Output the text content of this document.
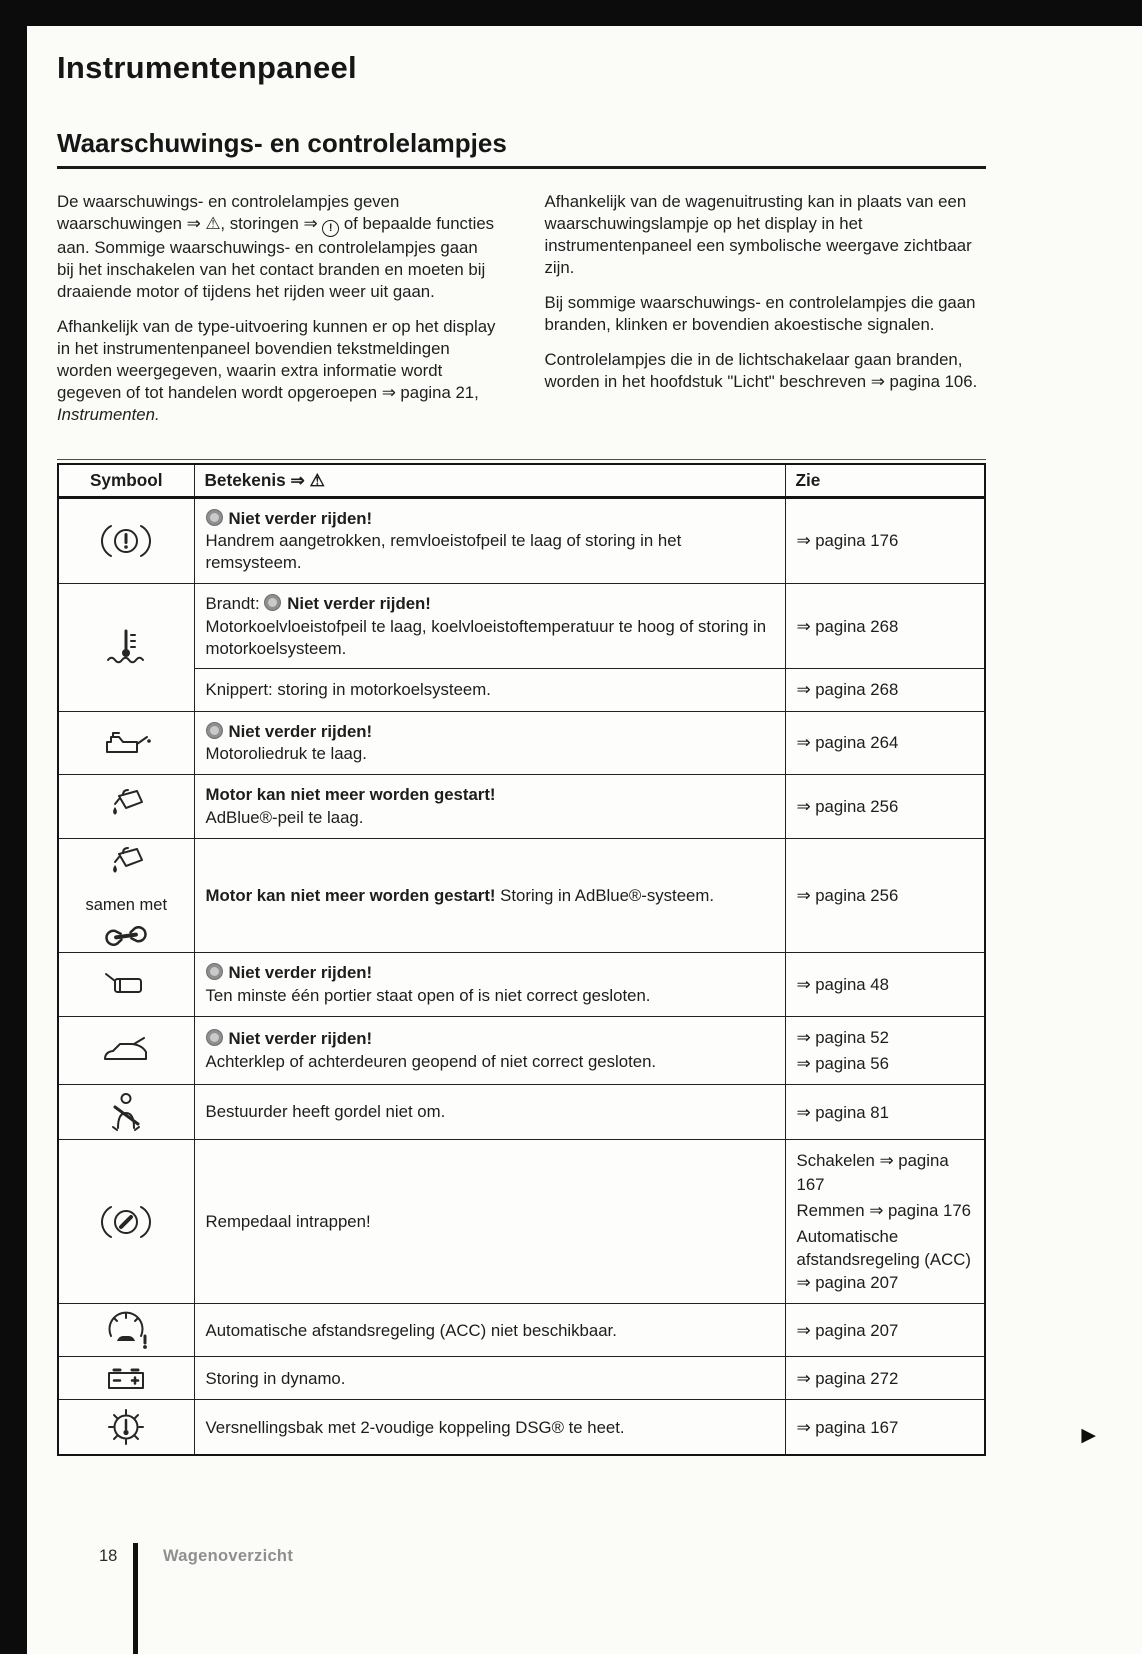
Instrumentenpaneel
Waarschuwings- en controlelampjes

De waarschuwings- en controlelampjes geven waarschuwingen ⇒ ⚠, storingen ⇒ ! of bepaalde functies aan. Sommige waarschuwings- en controlelampjes gaan bij het inschakelen van het contact branden en moeten bij draaiende motor of tijdens het rijden weer uit gaan.

Afhankelijk van de type-uitvoering kunnen er op het display in het instrumentenpaneel bovendien tekstmeldingen worden weergegeven, waarin extra informatie wordt gegeven of tot handelen wordt opgeroepen ⇒ pagina 21, Instrumenten.

Afhankelijk van de wagenuitrusting kan in plaats van een waarschuwingslampje op het display in het instrumentenpaneel een symbolische weergave zichtbaar zijn.

Bij sommige waarschuwings- en controlelampjes die gaan branden, klinken er bovendien akoestische signalen.

Controlelampjes die in de lichtschakelaar gaan branden, worden in het hoofdstuk "Licht" beschreven ⇒ pagina 106.

Symbool	Betekenis ⇒ ⚠	Zie

Niet verder rijden!
Handrem aangetrokken, remvloeistofpeil te laag of storing in het remsysteem.	⇒ pagina 176

Brandt: Niet verder rijden!
Motorkoelvloeistofpeil te laag, koelvloeistoftemperatuur te hoog of storing in motorkoelsysteem.	⇒ pagina 268

	Knippert: storing in motorkoelsysteem.	⇒ pagina 268

Niet verder rijden!
Motoroliedruk te laag.	⇒ pagina 264

Motor kan niet meer worden gestart!
AdBlue®-peil te laag.	⇒ pagina 256

samen met	Motor kan niet meer worden gestart! Storing in AdBlue®-systeem.	⇒ pagina 256

Niet verder rijden!
Ten minste één portier staat open of is niet correct gesloten.	⇒ pagina 48

Niet verder rijden!
Achterklep of achterdeuren geopend of niet correct gesloten.

⇒ pagina 52
⇒ pagina 56

Bestuurder heeft gordel niet om.	⇒ pagina 81

Rempedaal intrappen!	Schakelen ⇒ pagina 167
Remmen ⇒ pagina 176
Automatische afstandsregeling (ACC) ⇒ pagina 207

Automatische afstandsregeling (ACC) niet beschikbaar.	⇒ pagina 207

Storing in dynamo.	⇒ pagina 272

Versnellingsbak met 2-voudige koppeling DSG® te heet.	⇒ pagina 167	▶
18	Wagenoverzicht
